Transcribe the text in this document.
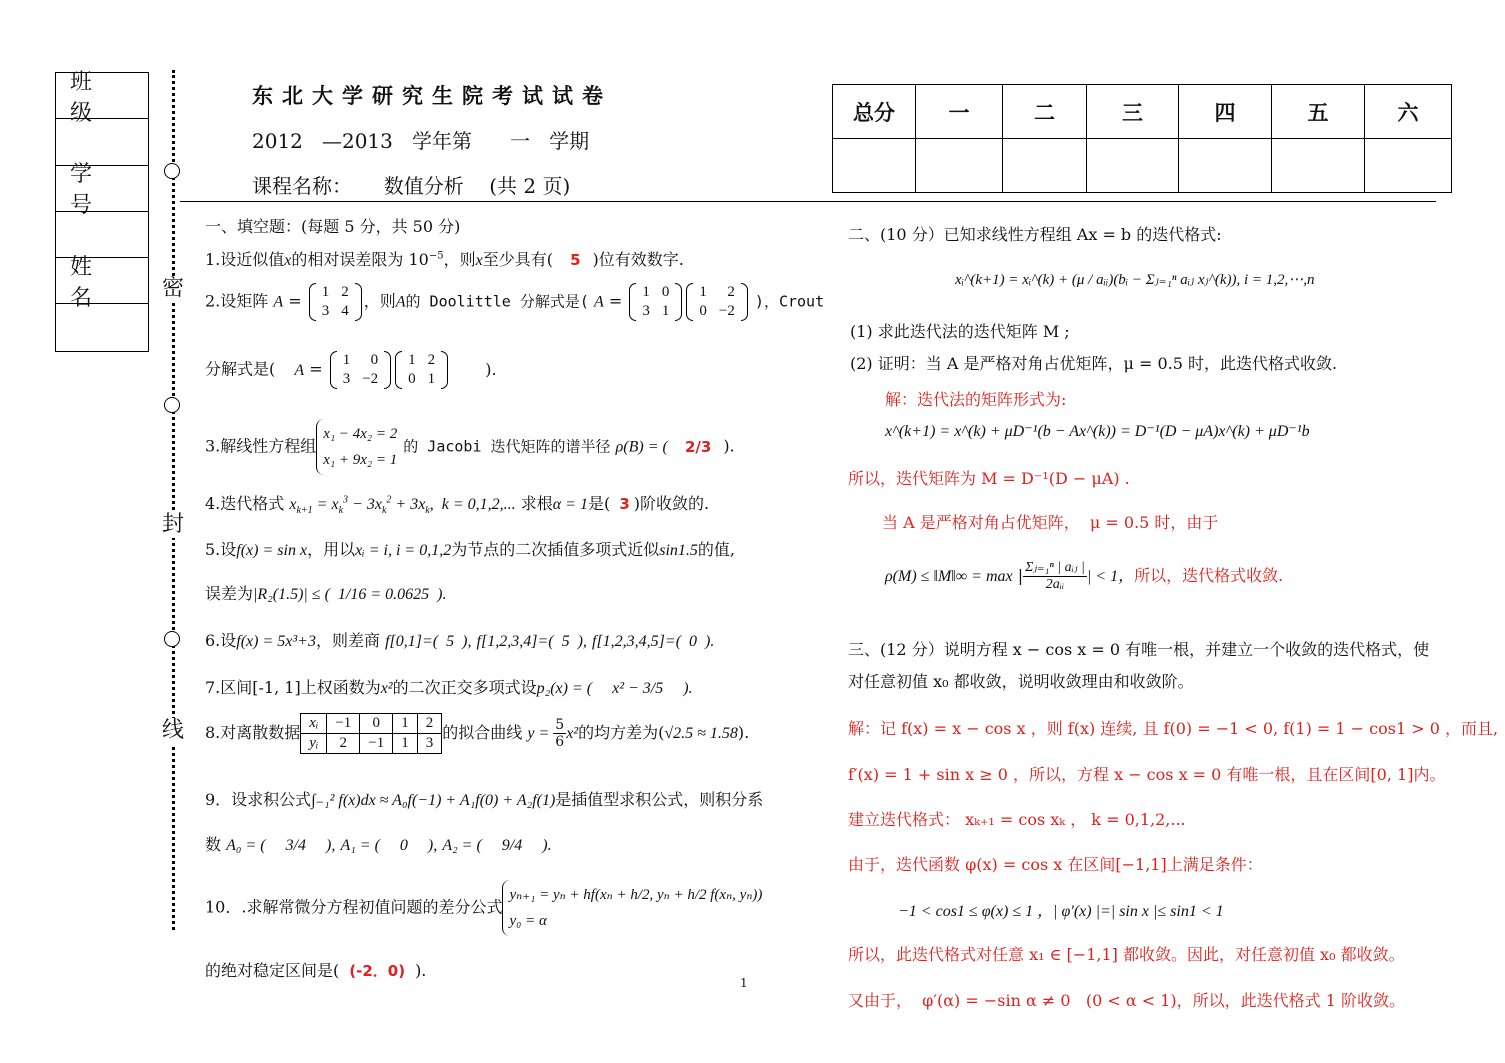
班 级
学 号
姓 名	密
封
线
东北大学研究生院考试试卷
2012   —2013   学年第      一   学期
课程名称：     数值分析    (共 2 页)
总分	一	二	三	四	五	六

一、填空题：(每题 5 分，共 50 分)
1.设近似值x的相对误差限为 $10^{-5}$，则x至少具有( 5 )位有效数字.
2.设矩阵 A = 1	2
3	4
，则A的 Doolittle 分解式是( A = 1	0
3	1
1	2
0	−2
)，Crout
分解式是( A = 1	0
3	−2
1	2
0	1
).
3.解线性方程组x₁ − 4x₂ = 2
x₁ + 9x₂ = 1的 Jacobi 迭代矩阵的谱半径 ρ(B) = ( 2/3 ).
4.迭代格式 $x_{k+1} = x_k^3 - 3x_k^2 + 3x_k$,  k = 0,1,2,... 求根α = 1是( 3 )阶收敛的.
5.设f(x) = sin x，用以xᵢ = i, i = 0,1,2为节点的二次插值多项式近似sin1.5的值,
误差为|R₂(1.5)| ≤ (  1/16 = 0.0625  ).
6.设f(x) = 5x³+3，则差商 f[0,1]=(  5  ), f[1,2,3,4]=(  5  ), f[1,2,3,4,5]=(  0  ).
7.区间[-1, 1]上权函数为x²的二次正交多项式设p₂(x) = (     x² − 3/5     ).
8.对离散数据 xᵢ	−1	0	1	2
yᵢ	2	−1	1	3的拟合曲线 $y = \frac{5}{6} x^2$的均方差为(√2.5 ≈ 1.58).
9．设求积公式∫₋₁² f(x)dx ≈ A₀f(−1) + A₁f(0) + A₂f(1)是插值型求积公式，则积分系
数 A₀ = (     3/4     ), A₁ = (     0     ), A₂ = (     9/4     ).
10．.求解常微分方程初值问题的差分公式yₙ₊₁ = yₙ + hf(xₙ + h/2, yₙ + h/2 f(xₙ, yₙ))
y₀ = α
的绝对稳定区间是( (-2．0) ).
1
二、(10 分）已知求线性方程组 Ax = b 的迭代格式:
xᵢ^(k+1) = xᵢ^(k) + (μ / aᵢᵢ)(bᵢ − Σⱼ₌₁ⁿ aᵢⱼ xⱼ^(k)), i = 1,2,⋯,n
(1) 求此迭代法的迭代矩阵 M ;
(2) 证明：当 A 是严格对角占优矩阵，μ = 0.5 时，此迭代格式收敛.
解：迭代法的矩阵形式为:
x^(k+1) = x^(k) + μD⁻¹(b − Ax^(k)) = D⁻¹(D − μA)x^(k) + μD⁻¹b
所以，迭代矩阵为 M = D⁻¹(D − μA) .
当 A 是严格对角占优矩阵，  μ = 0.5 时，由于
ρ(M) ≤ ‖M‖∞ = max | $\frac{\text{Σⱼ₌₁ⁿ | aᵢⱼ |}}{\text{2aᵢᵢ}}$ | < 1，所以，迭代格式收敛.
三、(12 分）说明方程 x − cos x = 0 有唯一根，并建立一个收敛的迭代格式，使
对任意初值 x₀ 都收敛，说明收敛理由和收敛阶。
解：记 f(x) = x − cos x ，则 f(x) 连续, 且 f(0) = −1 < 0, f(1) = 1 − cos1 > 0 ，而且,
f′(x) = 1 + sin x ≥ 0 ，所以，方程 x − cos x = 0 有唯一根，且在区间[0, 1]内。
建立迭代格式： xₖ₊₁ = cos xₖ ， k = 0,1,2,...
由于，迭代函数 φ(x) = cos x 在区间[−1,1]上满足条件：
−1 < cos1 ≤ φ(x) ≤ 1 ，| φ′(x) |=| sin x |≤ sin1 < 1
所以，此迭代格式对任意 x₁ ∈ [−1,1] 都收敛。因此，对任意初值 x₀ 都收敛。
又由于，  φ′(α) = −sin α ≠ 0   (0 < α < 1)，所以，此迭代格式 1 阶收敛。
